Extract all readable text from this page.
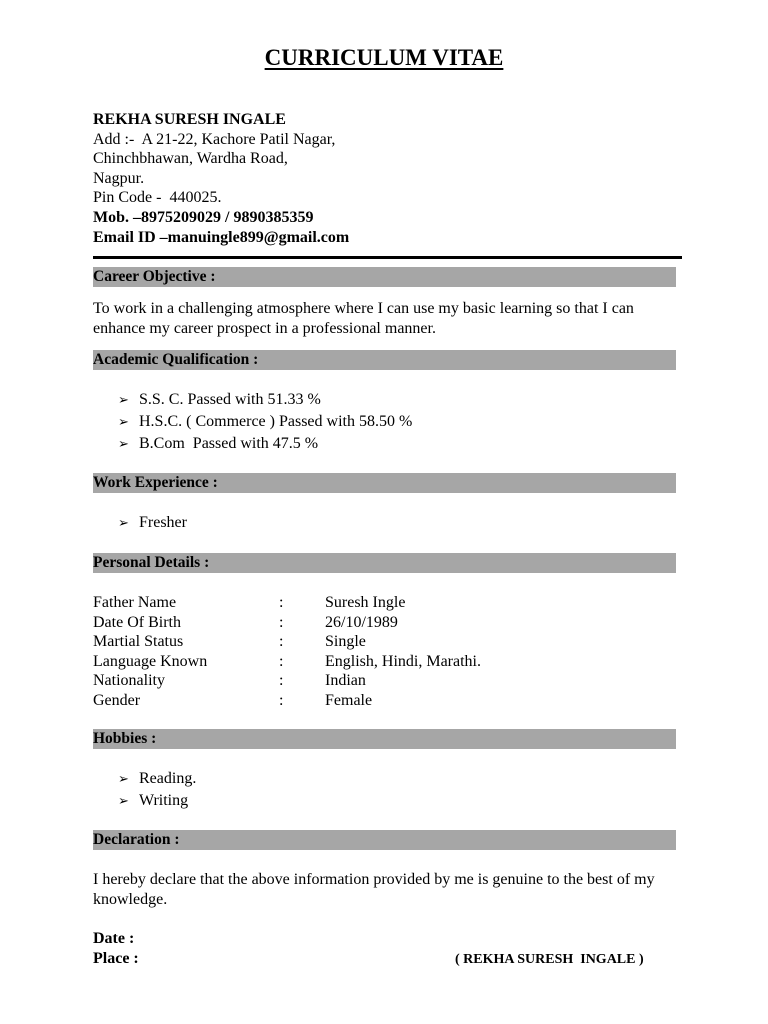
CURRICULUM VITAE
REKHA SURESH INGALE
Add :-  A 21-22, Kachore Patil Nagar,
Chinchbhawan, Wardha Road,
Nagpur.
Pin Code -  440025.
Mob. –8975209029 / 9890385359
Email ID –manuingle899@gmail.com
Career Objective :
To work in a challenging atmosphere where I can use my basic learning so that I can enhance my career prospect in a professional manner.
Academic Qualification :
➢ S.S. C. Passed with 51.33 %
➢ H.S.C. ( Commerce ) Passed with 58.50 %
➢ B.Com  Passed with 47.5 %
Work Experience :
➢ Fresher
Personal Details :
Father Name	:	Suresh Ingle
Date Of Birth	:	26/10/1989
Martial Status	:	Single
Language Known	:	English, Hindi, Marathi.
Nationality	:	Indian
Gender	:	Female
Hobbies :
➢ Reading.
➢ Writing
Declaration :
I hereby declare that the above information provided by me is genuine to the best of my knowledge.
Date :
Place :	( REKHA SURESH  INGALE )
